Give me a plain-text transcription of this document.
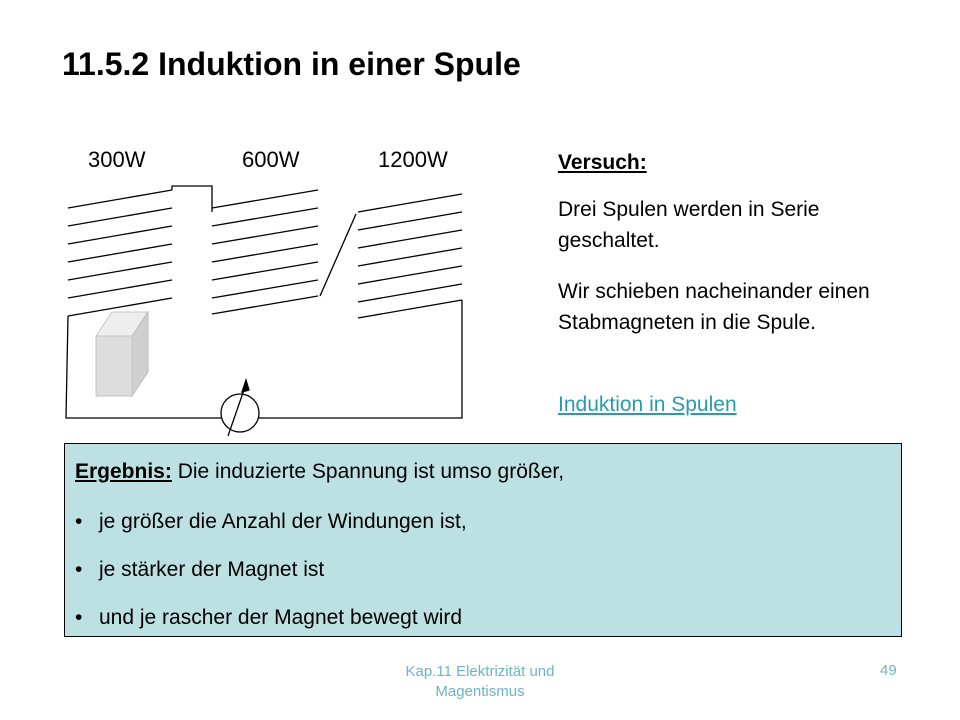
11.5.2 Induktion in einer Spule
300W	600W	1200W	Versuch:
Drei Spulen werden in Serie geschaltet.
Wir schieben nacheinander einen Stabmagneten in die Spule.
Induktion in Spulen
Ergebnis: Die induzierte Spannung ist umso größer,
• je größer die Anzahl der Windungen ist,
• je stärker der Magnet ist
• und je rascher der Magnet bewegt wird
Kap.11 Elektrizität und Magentismus
49
